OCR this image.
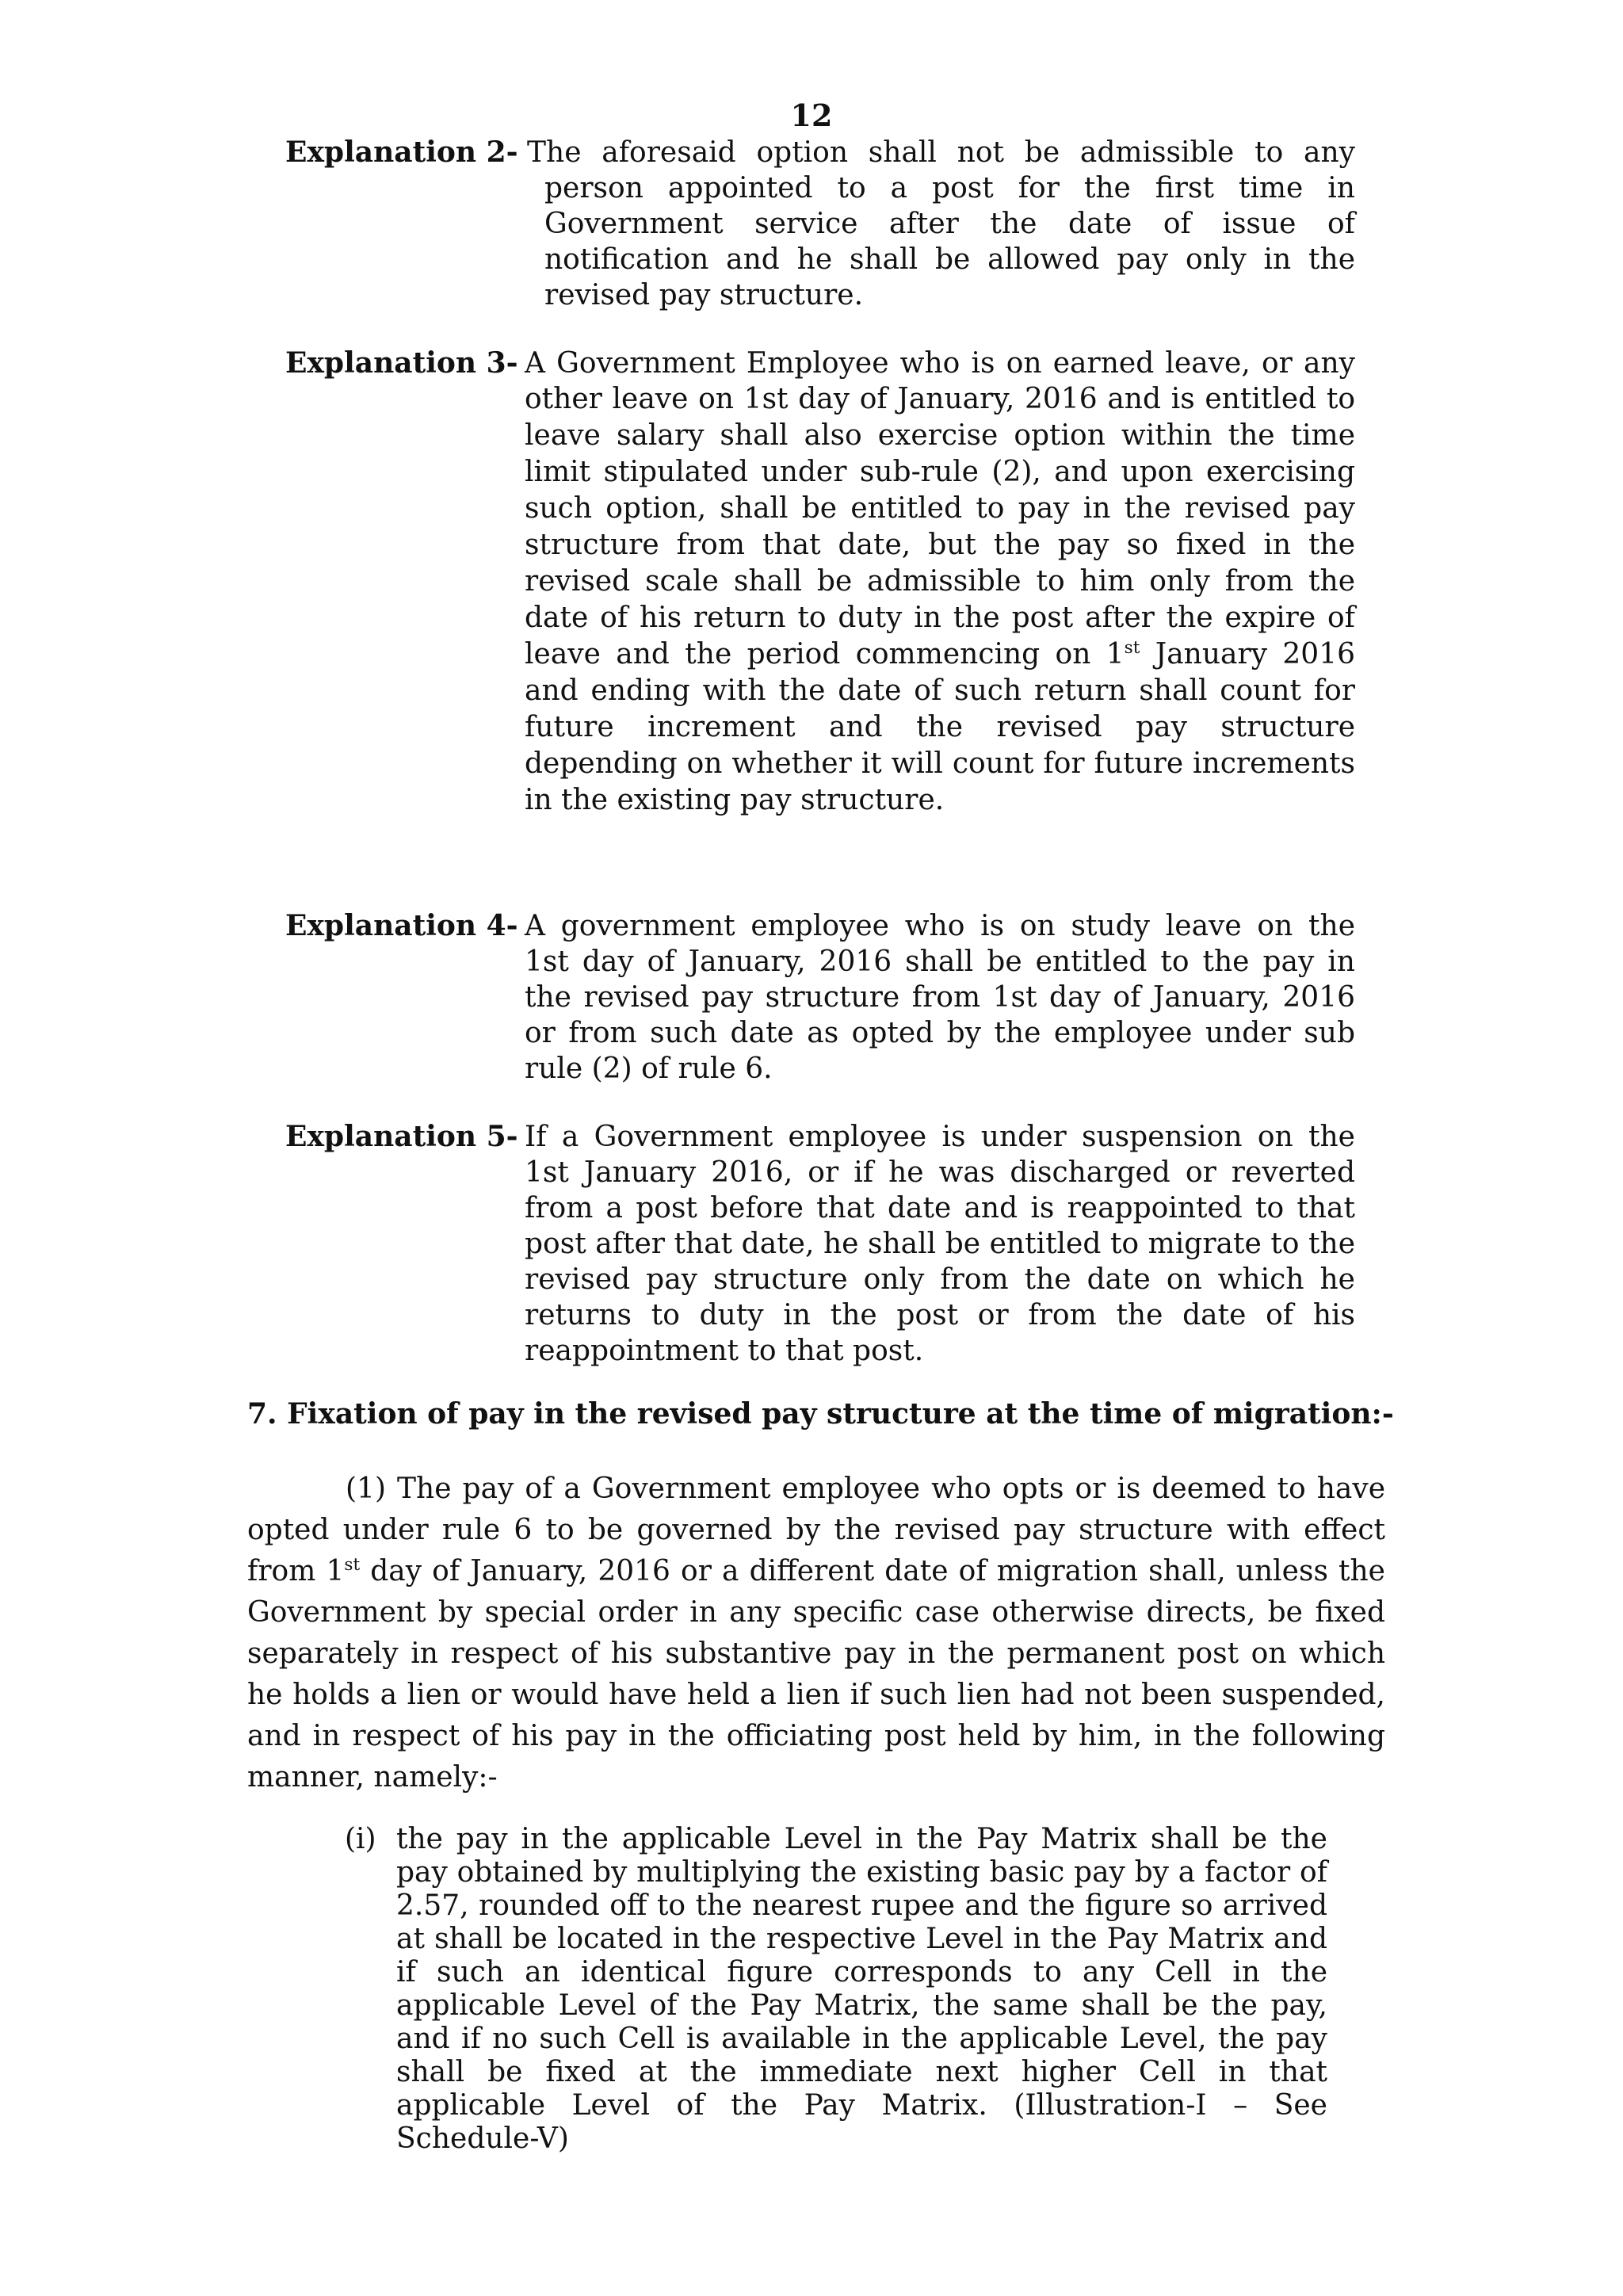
12
Explanation 2- The aforesaid option shall not be admissible to any
person appointed to a post for the first time in Government service after the date of issue of notification and he shall be allowed pay only in the revised pay structure.
Explanation 3- A Government Employee who is on earned leave, or any
other leave on 1st day of January, 2016 and is entitled to leave salary shall also exercise option within the time limit stipulated under sub-rule (2), and upon exercising such option, shall be entitled to pay in the revised pay structure from that date, but the pay so fixed in the revised scale shall be admissible to him only from the date of his return to duty in the post after the expire of leave and the period commencing on 1st January 2016 and ending with the date of such return shall count for future increment and the revised pay structure depending on whether it will count for future increments in the existing pay structure.
Explanation 4- A government employee who is on study leave on the
1st day of January, 2016 shall be entitled to the pay in the revised pay structure from 1st day of January, 2016 or from such date as opted by the employee under sub rule (2) of rule 6.
Explanation 5- If a Government employee is under suspension on the
1st January 2016, or if he was discharged or reverted from a post before that date and is reappointed to that post after that date, he shall be entitled to migrate to the revised pay structure only from the date on which he returns to duty in the post or from the date of his reappointment to that post.
7. Fixation of pay in the revised pay structure at the time of migration:-
(1) The pay of a Government employee who opts or is deemed to have opted under rule 6 to be governed by the revised pay structure with effect from 1st day of January, 2016 or a different date of migration shall, unless the Government by special order in any specific case otherwise directs, be fixed separately in respect of his substantive pay in the permanent post on which he holds a lien or would have held a lien if such lien had not been suspended, and in respect of his pay in the officiating post held by him, in the following manner, namely:-
(i) the pay in the applicable Level in the Pay Matrix shall be the
pay obtained by multiplying the existing basic pay by a factor of 2.57, rounded off to the nearest rupee and the figure so arrived at shall be located in the respective Level in the Pay Matrix and if such an identical figure corresponds to any Cell in the applicable Level of the Pay Matrix, the same shall be the pay, and if no such Cell is available in the applicable Level, the pay shall be fixed at the immediate next higher Cell in that applicable Level of the Pay Matrix. (Illustration-I – See Schedule-V)
